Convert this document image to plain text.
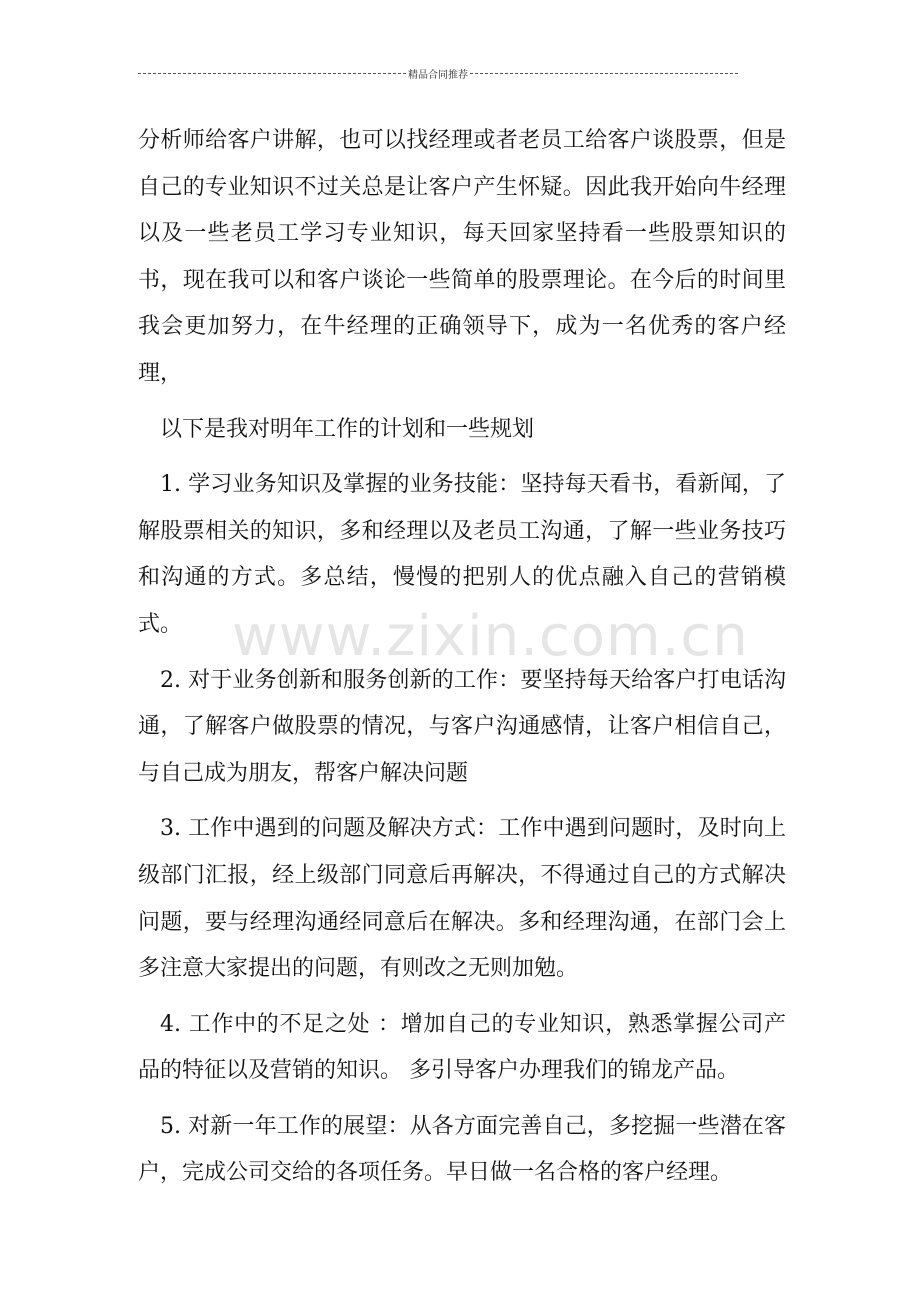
精品合同推荐

分析师给客户讲解，也可以找经理或者老员工给客户谈股票，但是自己的专业知识不过关总是让客户产生怀疑。因此我开始向牛经理以及一些老员工学习专业知识，每天回家坚持看一些股票知识的书，现在我可以和客户谈论一些简单的股票理论。在今后的时间里我会更加努力，在牛经理的正确领导下，成为一名优秀的客户经理，

以下是我对明年工作的计划和一些规划

1. 学习业务知识及掌握的业务技能：坚持每天看书，看新闻，了解股票相关的知识，多和经理以及老员工沟通，了解一些业务技巧和沟通的方式。多总结，慢慢的把别人的优点融入自己的营销模式。

2. 对于业务创新和服务创新的工作：要坚持每天给客户打电话沟通，了解客户做股票的情况，与客户沟通感情，让客户相信自己，与自己成为朋友，帮客户解决问题

3. 工作中遇到的问题及解决方式：工作中遇到问题时，及时向上级部门汇报，经上级部门同意后再解决，不得通过自己的方式解决问题，要与经理沟通经同意后在解决。多和经理沟通，在部门会上多注意大家提出的问题，有则改之无则加勉。

4. 工作中的不足之处 ：增加自己的专业知识，熟悉掌握公司产品的特征以及营销的知识。 多引导客户办理我们的锦龙产品。

5. 对新一年工作的展望：从各方面完善自己，多挖掘一些潜在客户，完成公司交给的各项任务。早日做一名合格的客户经理。

www.zixin.com.cn
